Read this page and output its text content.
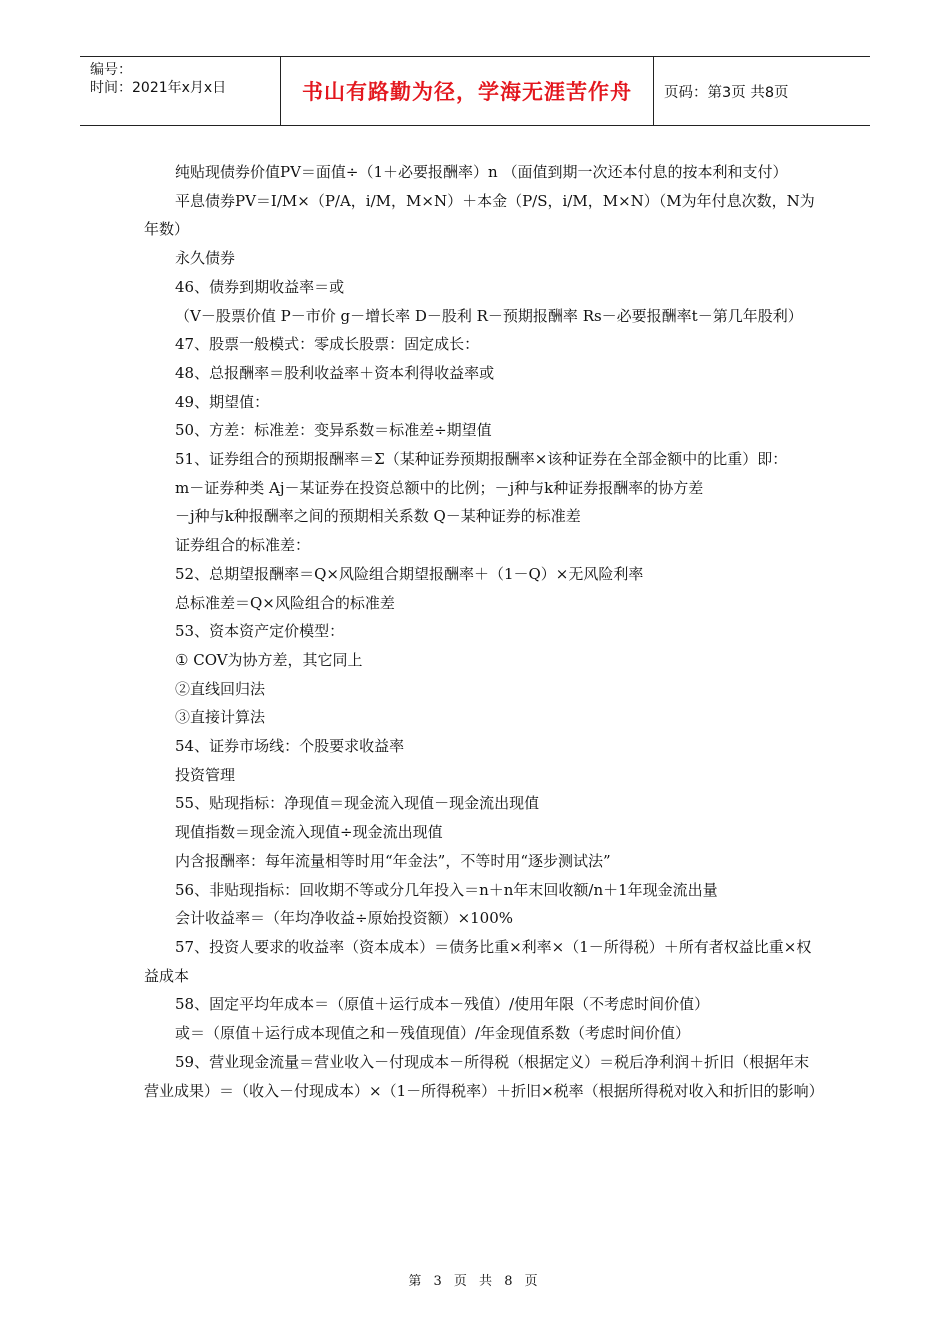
编号：
时间：2021年x月x日	书山有路勤为径，学海无涯苦作舟	页码：第3页 共8页

纯贴现债券价值PV＝面值÷（1＋必要报酬率）n （面值到期一次还本付息的按本利和支付）

平息债券PV＝I/M×（P/A，i/M，M×N）＋本金（P/S，i/M，M×N）（M为年付息次数，N为年数）

永久债券

46、债券到期收益率＝或

（V－股票价值 P－市价 g－增长率 D－股利 R－预期报酬率 Rs－必要报酬率t－第几年股利）

47、股票一般模式：零成长股票：固定成长：

48、总报酬率＝股利收益率＋资本利得收益率或

49、期望值：

50、方差：标准差：变异系数＝标准差÷期望值

51、证券组合的预期报酬率＝Σ（某种证券预期报酬率×该种证券在全部金额中的比重）即：

m－证券种类 Aj－某证券在投资总额中的比例；－j种与k种证券报酬率的协方差

－j种与k种报酬率之间的预期相关系数 Q－某种证券的标准差

证券组合的标准差：

52、总期望报酬率＝Q×风险组合期望报酬率＋（1－Q）×无风险利率

总标准差＝Q×风险组合的标准差

53、资本资产定价模型：

① COV为协方差，其它同上

②直线回归法

③直接计算法

54、证券市场线：个股要求收益率

投资管理

55、贴现指标：净现值＝现金流入现值－现金流出现值

现值指数＝现金流入现值÷现金流出现值

内含报酬率：每年流量相等时用“年金法”，不等时用“逐步测试法”

56、非贴现指标：回收期不等或分几年投入＝n＋n年末回收额/n＋1年现金流出量

会计收益率＝（年均净收益÷原始投资额）×100%

57、投资人要求的收益率（资本成本）＝债务比重×利率×（1－所得税）＋所有者权益比重×权益成本

58、固定平均年成本＝（原值＋运行成本－残值）/使用年限（不考虑时间价值）

或＝（原值＋运行成本现值之和－残值现值）/年金现值系数（考虑时间价值）

59、营业现金流量＝营业收入－付现成本－所得税（根据定义）＝税后净利润＋折旧（根据年末营业成果）＝（收入－付现成本）×（1－所得税率）＋折旧×税率（根据所得税对收入和折旧的影响）

第 3 页 共 8 页
